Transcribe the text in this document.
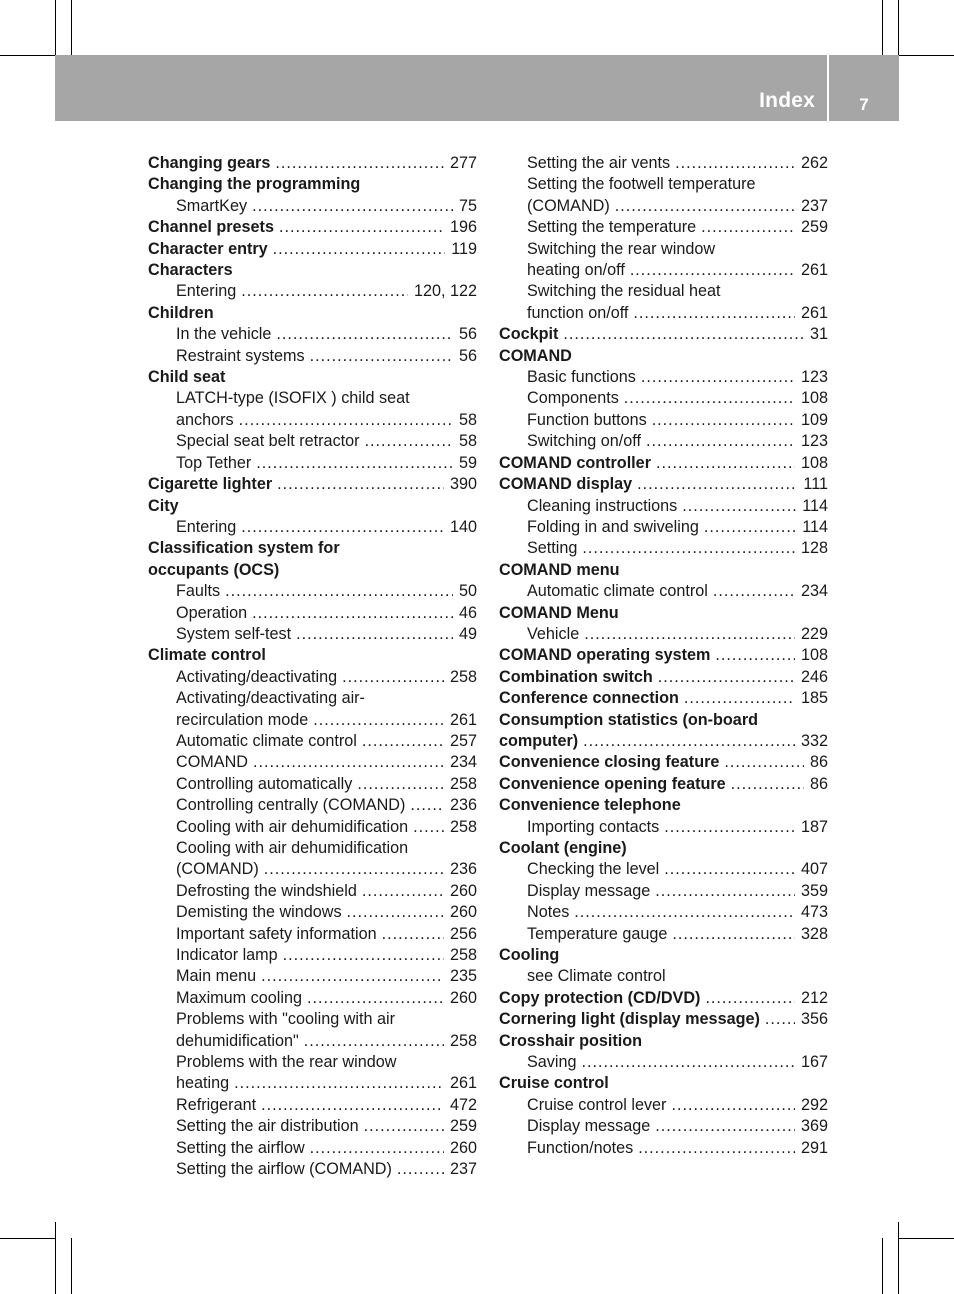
Index	7
Changing gears .....	277
Changing the programming
SmartKey .....	75
Channel presets .....	196
Character entry .....	119
Characters
Entering .....	120, 122
Children
In the vehicle .....	56
Restraint systems .....	56
Child seat
LATCH-type (ISOFIX ) child seat
anchors .....	58
Special seat belt retractor .....	58
Top Tether .....	59
Cigarette lighter .....	390
City
Entering .....	140
Classification system for
occupants (OCS)
Faults .....	50
Operation .....	46
System self-test .....	49
Climate control
Activating/deactivating .....	258
Activating/deactivating air-
recirculation mode .....	261
Automatic climate control .....	257
COMAND .....	234
Controlling automatically .....	258
Controlling centrally (COMAND) .....	236
Cooling with air dehumidification .....	258
Cooling with air dehumidification
(COMAND) .....	236
Defrosting the windshield .....	260
Demisting the windows .....	260
Important safety information .....	256
Indicator lamp .....	258
Main menu .....	235
Maximum cooling .....	260
Problems with "cooling with air
dehumidification" .....	258
Problems with the rear window
heating .....	261
Refrigerant .....	472
Setting the air distribution .....	259
Setting the airflow .....	260
Setting the airflow (COMAND) .....	237
Setting the air vents .....	262
Setting the footwell temperature
(COMAND) .....	237
Setting the temperature .....	259
Switching the rear window
heating on/off .....	261
Switching the residual heat
function on/off .....	261
Cockpit .....	31
COMAND
Basic functions .....	123
Components .....	108
Function buttons .....	109
Switching on/off .....	123
COMAND controller .....	108
COMAND display .....	111
Cleaning instructions .....	114
Folding in and swiveling .....	114
Setting .....	128
COMAND menu
Automatic climate control .....	234
COMAND Menu
Vehicle .....	229
COMAND operating system .....	108
Combination switch .....	246
Conference connection .....	185
Consumption statistics (on-board
computer) .....	332
Convenience closing feature .....	86
Convenience opening feature .....	86
Convenience telephone
Importing contacts .....	187
Coolant (engine)
Checking the level .....	407
Display message .....	359
Notes .....	473
Temperature gauge .....	328
Cooling
see Climate control
Copy protection (CD/DVD) .....	212
Cornering light (display message) .....	356
Crosshair position
Saving .....	167
Cruise control
Cruise control lever .....	292
Display message .....	369
Function/notes .....	291
